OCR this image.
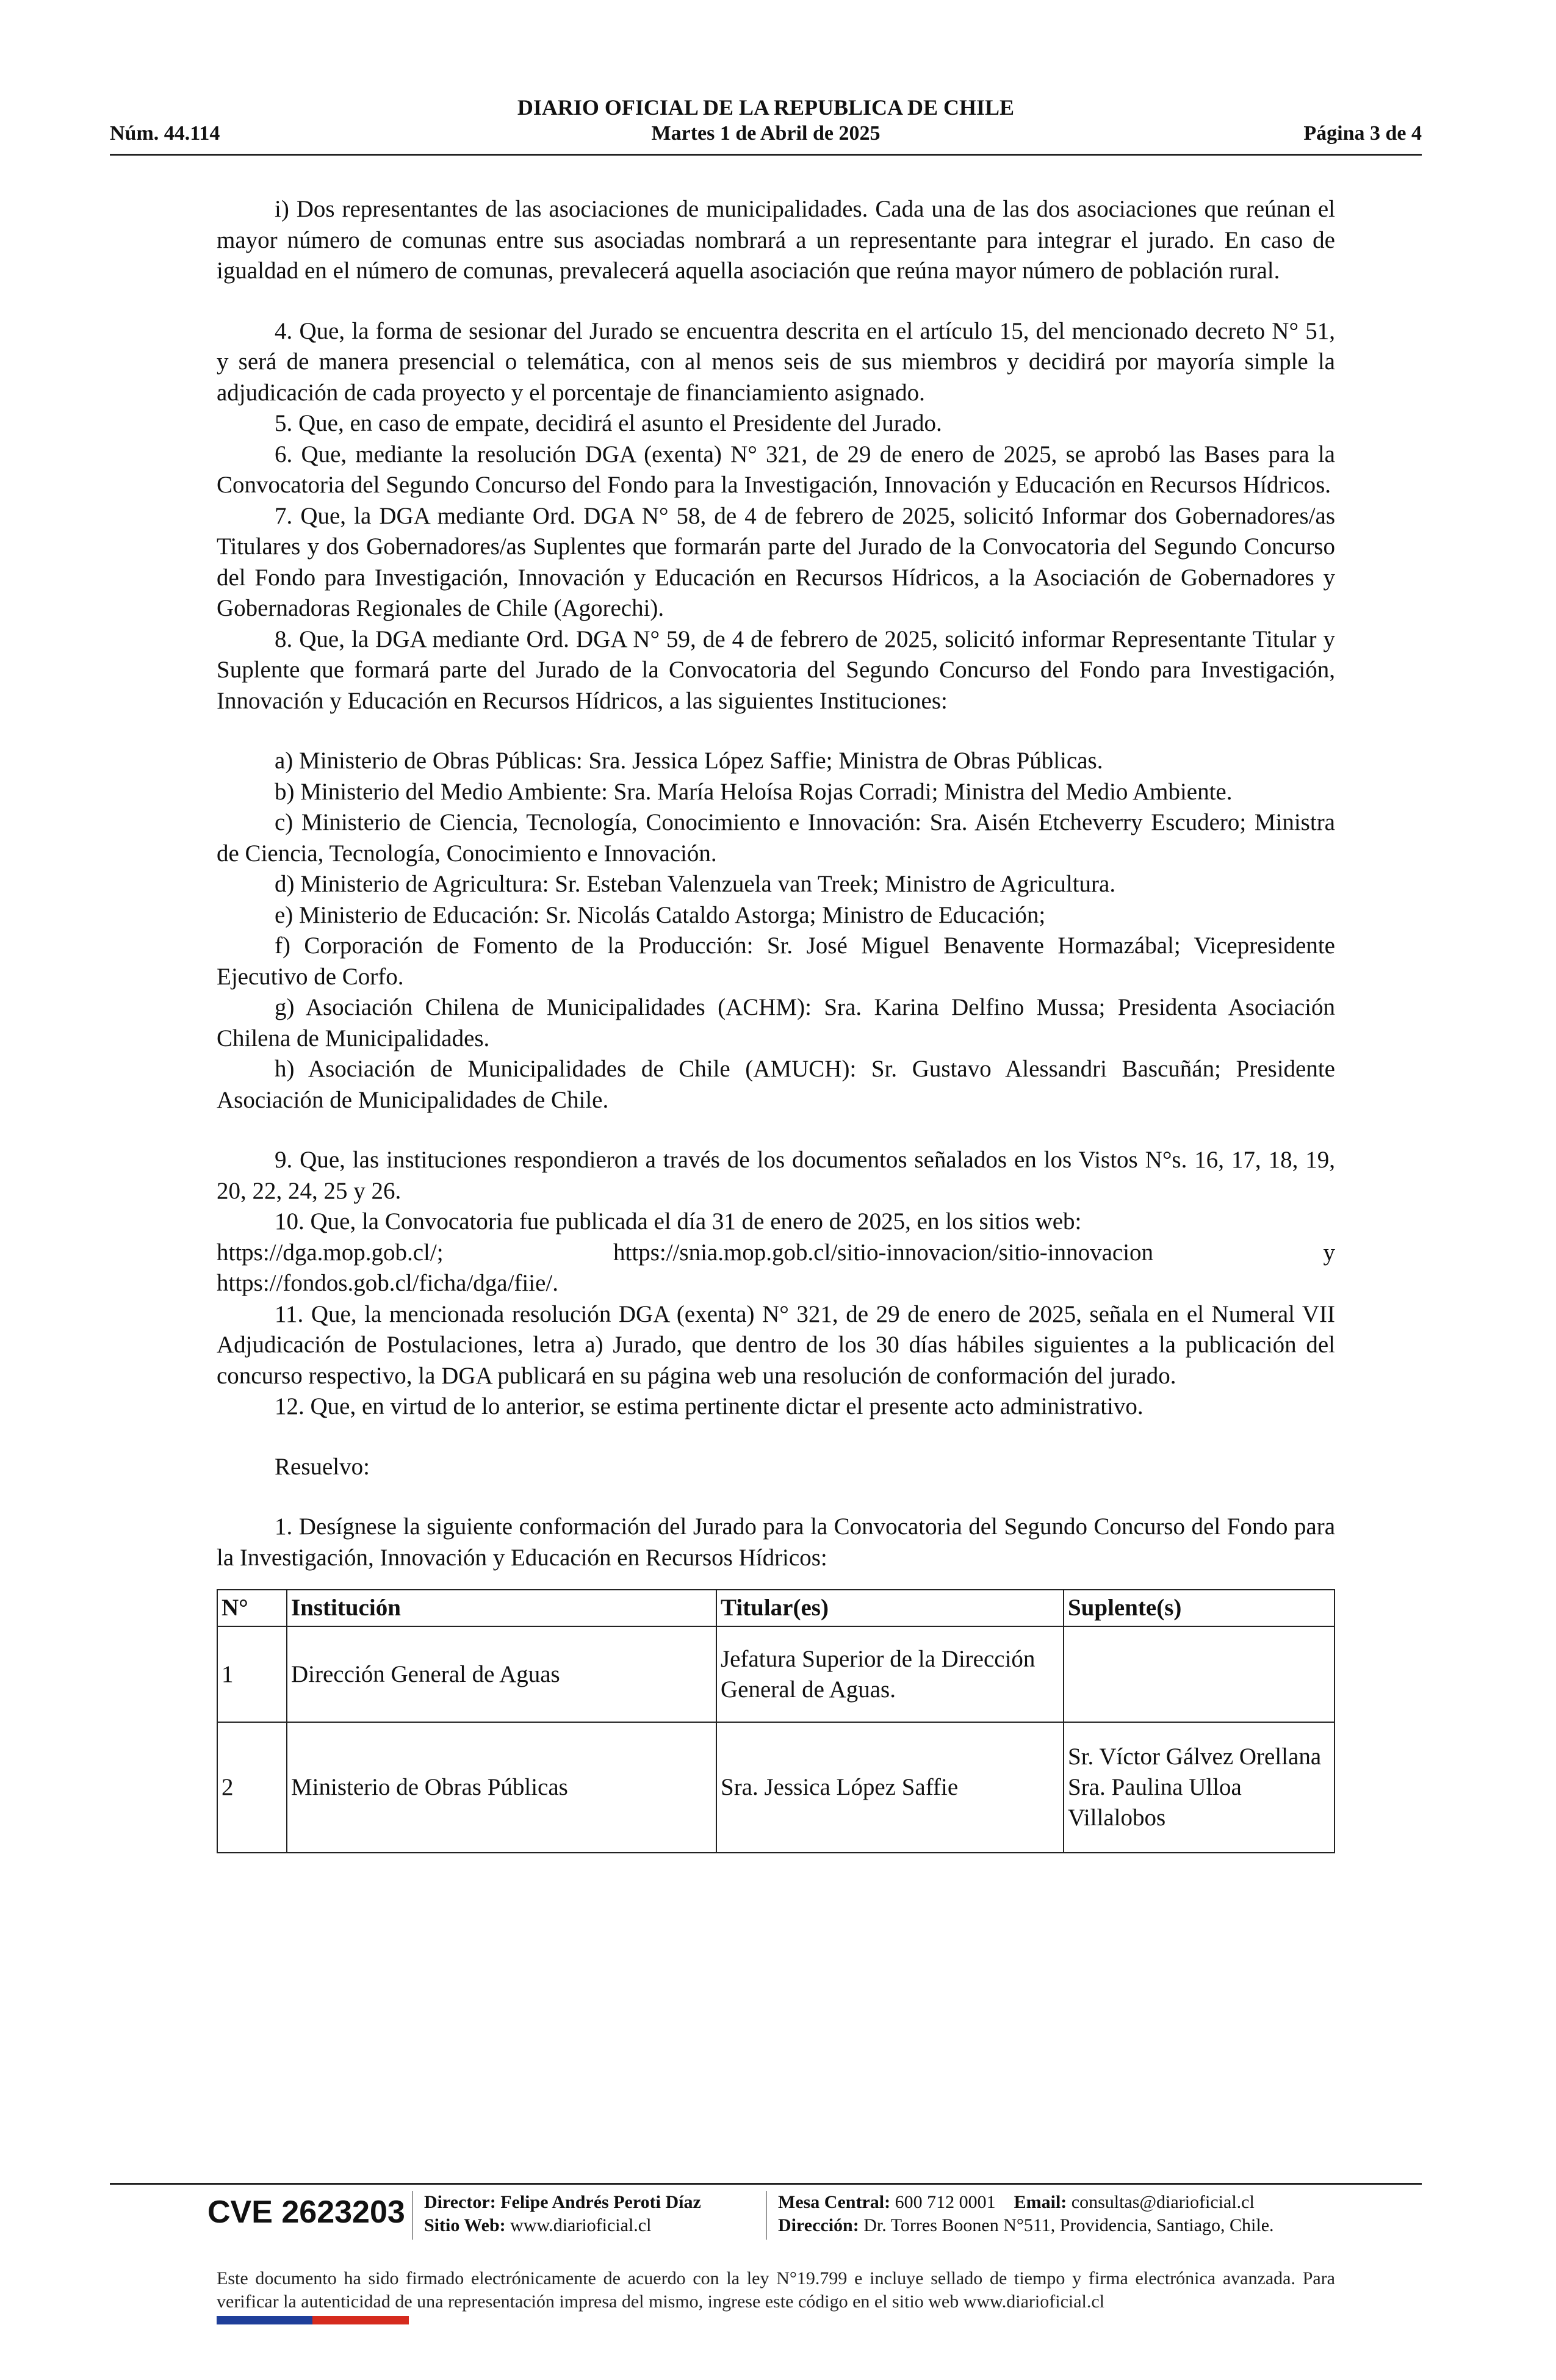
DIARIO OFICIAL DE LA REPUBLICA DE CHILE
Núm. 44.114	Martes 1 de Abril de 2025	Página 3 de 4

i) Dos representantes de las asociaciones de municipalidades. Cada una de las dos asociaciones que reúnan el mayor número de comunas entre sus asociadas nombrará a un representante para integrar el jurado. En caso de igualdad en el número de comunas, prevalecerá aquella asociación que reúna mayor número de población rural.

4. Que, la forma de sesionar del Jurado se encuentra descrita en el artículo 15, del mencionado decreto N° 51, y será de manera presencial o telemática, con al menos seis de sus miembros y decidirá por mayoría simple la adjudicación de cada proyecto y el porcentaje de financiamiento asignado.

5. Que, en caso de empate, decidirá el asunto el Presidente del Jurado.

6. Que, mediante la resolución DGA (exenta) N° 321, de 29 de enero de 2025, se aprobó las Bases para la Convocatoria del Segundo Concurso del Fondo para la Investigación, Innovación y Educación en Recursos Hídricos.

7. Que, la DGA mediante Ord. DGA N° 58, de 4 de febrero de 2025, solicitó Informar dos Gobernadores/as Titulares y dos Gobernadores/as Suplentes que formarán parte del Jurado de la Convocatoria del Segundo Concurso del Fondo para Investigación, Innovación y Educación en Recursos Hídricos, a la Asociación de Gobernadores y Gobernadoras Regionales de Chile (Agorechi).

8. Que, la DGA mediante Ord. DGA N° 59, de 4 de febrero de 2025, solicitó informar Representante Titular y Suplente que formará parte del Jurado de la Convocatoria del Segundo Concurso del Fondo para Investigación, Innovación y Educación en Recursos Hídricos, a las siguientes Instituciones:

a) Ministerio de Obras Públicas: Sra. Jessica López Saffie; Ministra de Obras Públicas.

b) Ministerio del Medio Ambiente: Sra. María Heloísa Rojas Corradi; Ministra del Medio Ambiente.

c) Ministerio de Ciencia, Tecnología, Conocimiento e Innovación: Sra. Aisén Etcheverry Escudero; Ministra de Ciencia, Tecnología, Conocimiento e Innovación.

d) Ministerio de Agricultura: Sr. Esteban Valenzuela van Treek; Ministro de Agricultura.

e) Ministerio de Educación: Sr. Nicolás Cataldo Astorga; Ministro de Educación;

f) Corporación de Fomento de la Producción: Sr. José Miguel Benavente Hormazábal; Vicepresidente Ejecutivo de Corfo.

g) Asociación Chilena de Municipalidades (ACHM): Sra. Karina Delfino Mussa; Presidenta Asociación Chilena de Municipalidades.

h) Asociación de Municipalidades de Chile (AMUCH): Sr. Gustavo Alessandri Bascuñán; Presidente Asociación de Municipalidades de Chile.

9. Que, las instituciones respondieron a través de los documentos señalados en los Vistos N°s. 16, 17, 18, 19, 20, 22, 24, 25 y 26.

10. Que, la Convocatoria fue publicada el día 31 de enero de 2025, en los sitios web:

https://dga.mop.gob.cl/;	https://snia.mop.gob.cl/sitio-innovacion/sitio-innovacion	y

https://fondos.gob.cl/ficha/dga/fiie/.

11. Que, la mencionada resolución DGA (exenta) N° 321, de 29 de enero de 2025, señala en el Numeral VII Adjudicación de Postulaciones, letra a) Jurado, que dentro de los 30 días hábiles siguientes a la publicación del concurso respectivo, la DGA publicará en su página web una resolución de conformación del jurado.

12. Que, en virtud de lo anterior, se estima pertinente dictar el presente acto administrativo.

Resuelvo:

1. Desígnese la siguiente conformación del Jurado para la Convocatoria del Segundo Concurso del Fondo para la Investigación, Innovación y Educación en Recursos Hídricos:

N°	Institución	Titular(es)	Suplente(s)
1	Dirección General de Aguas	Jefatura Superior de la Dirección General de Aguas.	
2	Ministerio de Obras Públicas	Sra. Jessica López Saffie	Sr. Víctor Gálvez Orellana Sra. Paulina Ulloa Villalobos
CVE 2623203 Director: Felipe Andrés Peroti Díaz
Sitio Web: www.diarioficial.cl
Mesa Central: 600 712 0001 Email: consultas@diarioficial.cl
Dirección: Dr. Torres Boonen N°511, Providencia, Santiago, Chile.
Este documento ha sido firmado electrónicamente de acuerdo con la ley N°19.799 e incluye sellado de tiempo y firma electrónica avanzada. Para verificar la autenticidad de una representación impresa del mismo, ingrese este código en el sitio web www.diarioficial.cl
